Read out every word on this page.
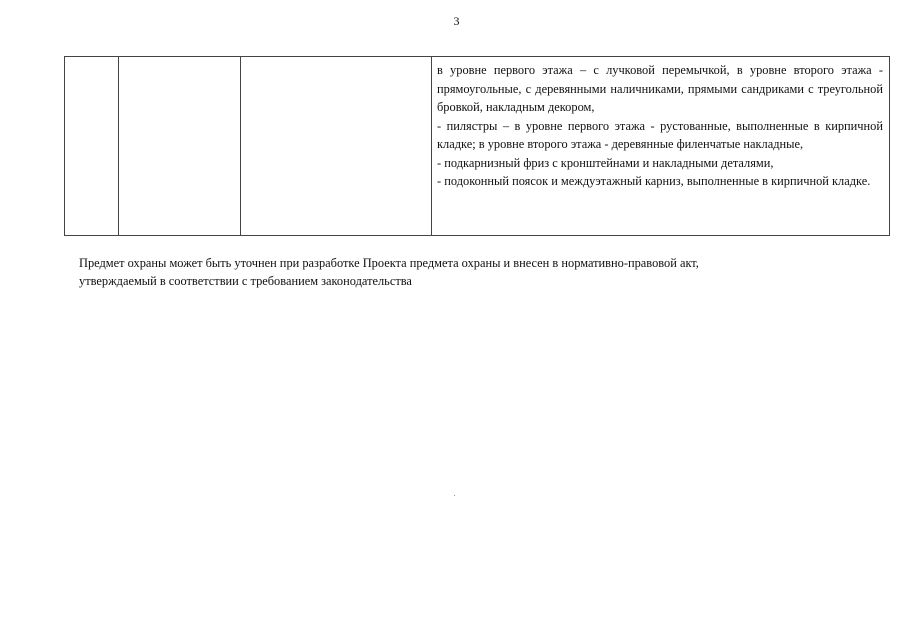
3

в уровне первого этажа – с лучковой перемычкой, в уровне второго этажа - прямоугольные, с деревянными наличниками, прямыми сандриками с треугольной бровкой, накладным декором,

- пилястры – в уровне первого этажа - рустованные, выполненные в кирпичной кладке; в уровне второго этажа - деревянные филенчатые накладные,

- подкарнизный фриз с кронштейнами и накладными деталями,

- подоконный поясок и междуэтажный карниз, выполненные в кирпичной кладке.

Предмет охраны может быть уточнен при разработке Проекта предмета охраны и внесен в нормативно-правовой акт,

утверждаемый в соответствии с требованием законодательства
